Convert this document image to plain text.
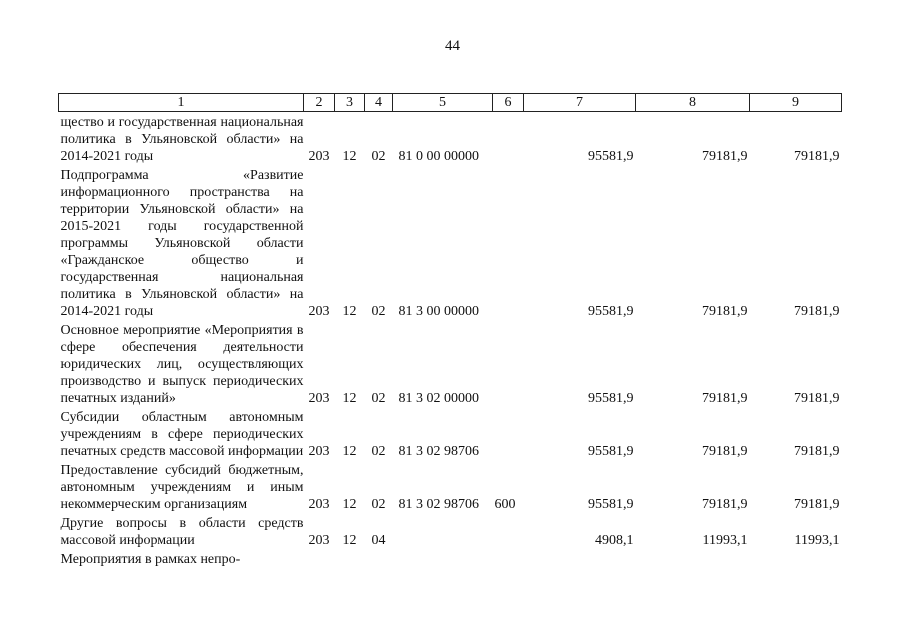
44
1	2	3	4	5	6	7	8	9
щество и государственная национальная политика в Ульяновской области» на 2014-2021 годы	203	12	02	81 0 00 00000		95581,9	79181,9	79181,9
Подпрограмма «Развитие информационного пространства на территории Ульяновской области» на 2015-2021 годы государственной программы Ульяновской области «Гражданское общество и государственная национальная политика в Ульяновской области» на 2014-2021 годы	203	12	02	81 3 00 00000		95581,9	79181,9	79181,9
Основное мероприятие «Мероприятия в сфере обеспечения деятельности юридических лиц, осуществляющих производство и выпуск периодических печатных изданий»	203	12	02	81 3 02 00000		95581,9	79181,9	79181,9
Субсидии областным автономным учреждениям в сфере периодических печатных средств массовой информации	203	12	02	81 3 02 98706		95581,9	79181,9	79181,9
Предоставление субсидий бюджетным, автономным учреждениям и иным некоммерческим организациям	203	12	02	81 3 02 98706	600	95581,9	79181,9	79181,9
Другие вопросы в области средств массовой информации	203	12	04			4908,1	11993,1	11993,1
Мероприятия в рамках непро-								
